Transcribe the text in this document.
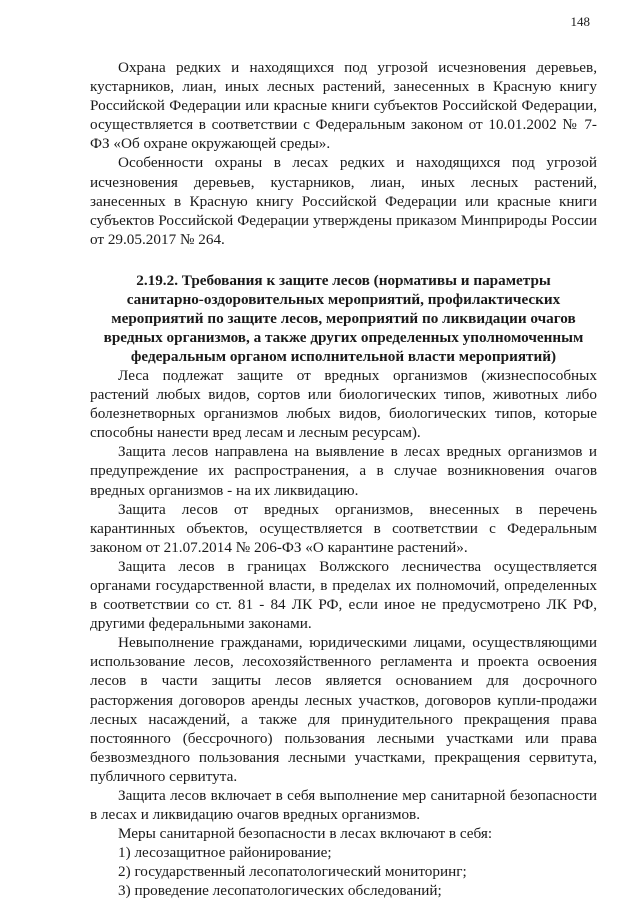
148

Охрана редких и находящихся под угрозой исчезновения деревьев, кустарников, лиан, иных лесных растений, занесенных в Красную книгу Российской Федерации или красные книги субъектов Российской Федерации, осуществляется в соответствии с Федеральным законом от 10.01.2002 № 7-ФЗ «Об охране окружающей среды».

Особенности охраны в лесах редких и находящихся под угрозой исчезновения деревьев, кустарников, лиан, иных лесных растений, занесенных в Красную книгу Российской Федерации или красные книги субъектов Российской Федерации утверждены приказом Минприроды России от 29.05.2017 № 264.

2.19.2. Требования к защите лесов (нормативы и параметры санитарно-оздоровительных мероприятий, профилактических мероприятий по защите лесов, мероприятий по ликвидации очагов вредных организмов, а также других определенных уполномоченным федеральным органом исполнительной власти мероприятий)

Леса подлежат защите от вредных организмов (жизнеспособных растений любых видов, сортов или биологических типов, животных либо болезнетворных организмов любых видов, биологических типов, которые способны нанести вред лесам и лесным ресурсам).

Защита лесов направлена на выявление в лесах вредных организмов и предупреждение их распространения, а в случае возникновения очагов вредных организмов - на их ликвидацию.

Защита лесов от вредных организмов, внесенных в перечень карантинных объектов, осуществляется в соответствии с Федеральным законом от 21.07.2014 № 206-ФЗ «О карантине растений».

Защита лесов в границах Волжского лесничества осуществляется органами государственной власти, в пределах их полномочий, определенных в соответствии со ст. 81 - 84 ЛК РФ, если иное не предусмотрено ЛК РФ, другими федеральными законами.

Невыполнение гражданами, юридическими лицами, осуществляющими использование лесов, лесохозяйственного регламента и проекта освоения лесов в части защиты лесов является основанием для досрочного расторжения договоров аренды лесных участков, договоров купли-продажи лесных насаждений, а также для принудительного прекращения права постоянного (бессрочного) пользования лесными участками или права безвозмездного пользования лесными участками, прекращения сервитута, публичного сервитута.

Защита лесов включает в себя выполнение мер санитарной безопасности в лесах и ликвидацию очагов вредных организмов.

Меры санитарной безопасности в лесах включают в себя:

1) лесозащитное районирование;

2) государственный лесопатологический мониторинг;

3) проведение лесопатологических обследований;
